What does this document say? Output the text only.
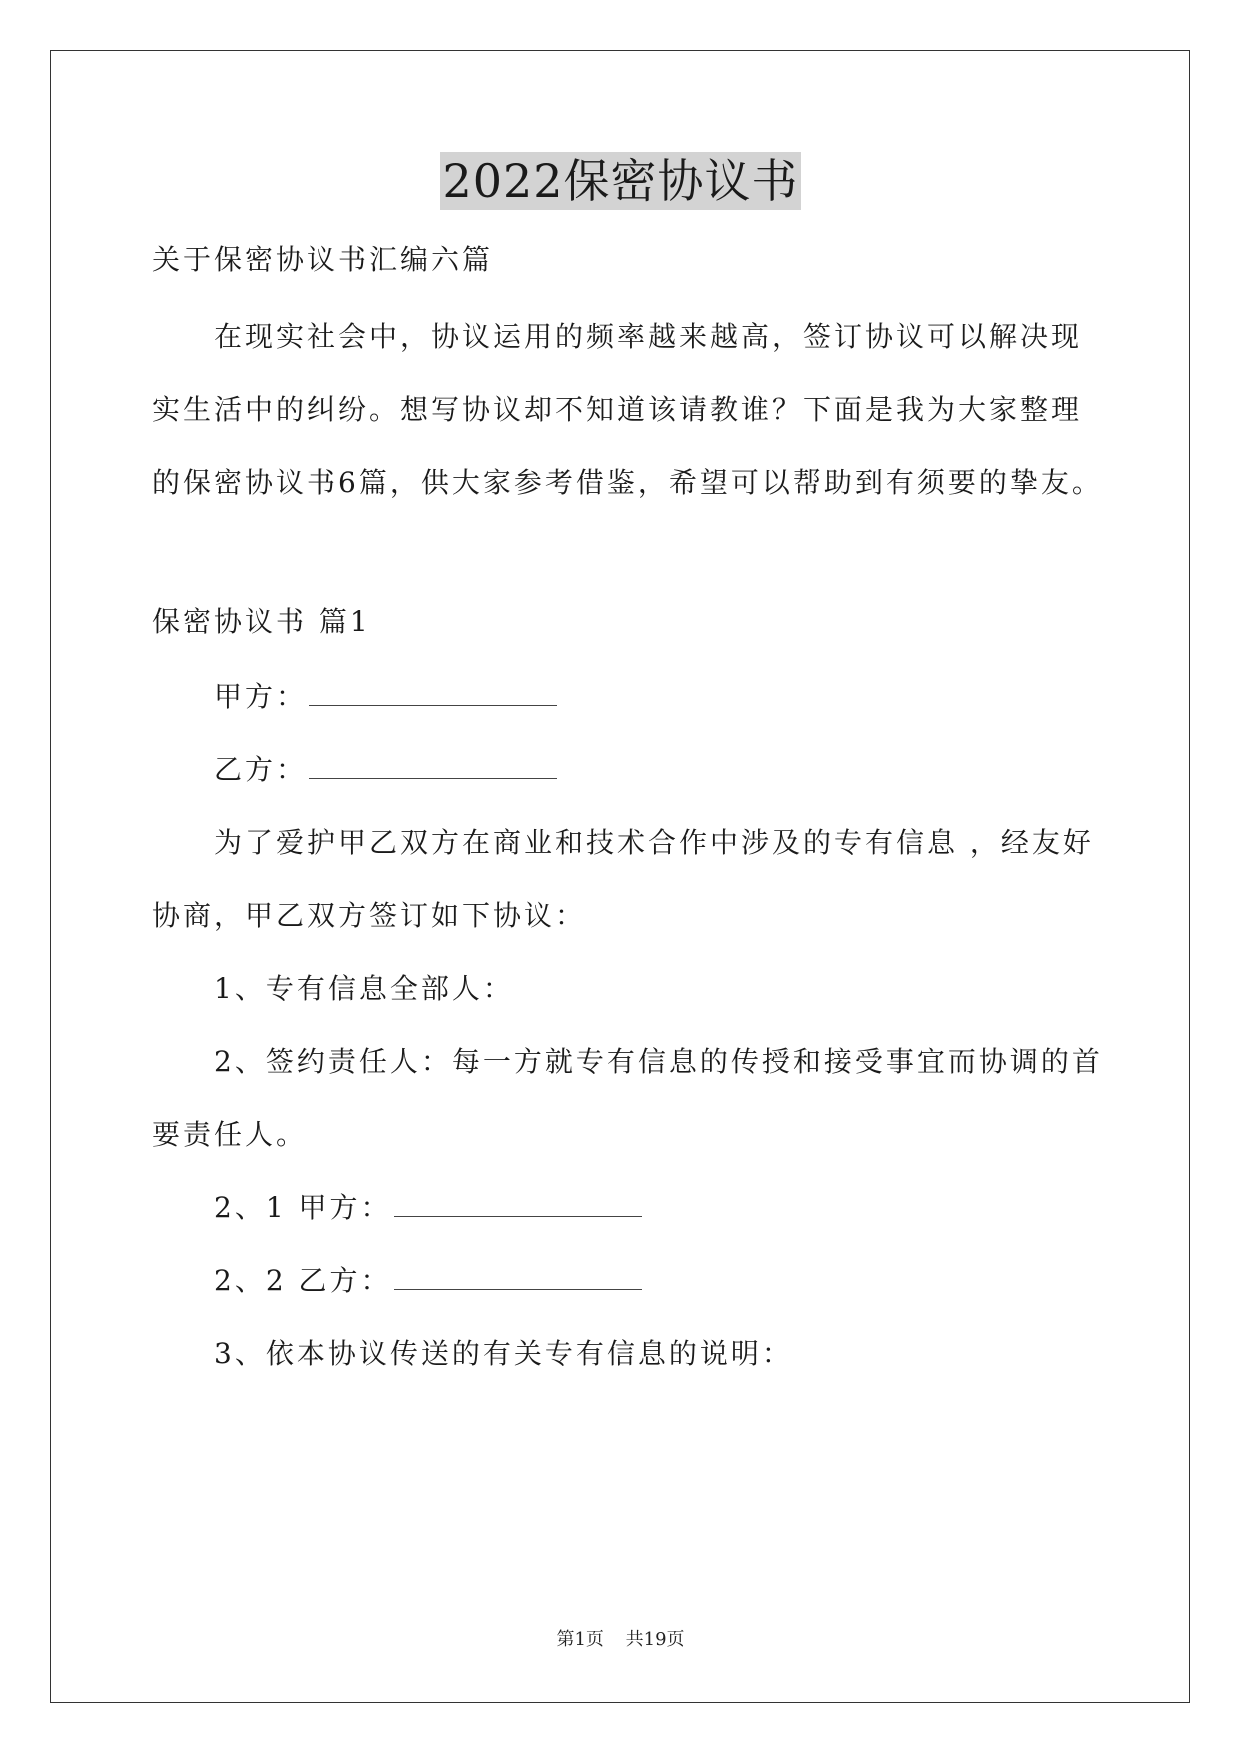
2022保密协议书

关于保密协议书汇编六篇

在现实社会中，协议运用的频率越来越高，签订协议可以解决现

实生活中的纠纷。想写协议却不知道该请教谁？下面是我为大家整理

的保密协议书6篇，供大家参考借鉴，希望可以帮助到有须要的挚友。

保密协议书 篇1

甲方：

乙方：

为了爱护甲乙双方在商业和技术合作中涉及的专有信息 ，经友好

协商，甲乙双方签订如下协议：

1、专有信息全部人：

2、签约责任人：每一方就专有信息的传授和接受事宜而协调的首

要责任人。

2、1 甲方：

2、2 乙方：

3、依本协议传送的有关专有信息的说明：

第1页 共19页
